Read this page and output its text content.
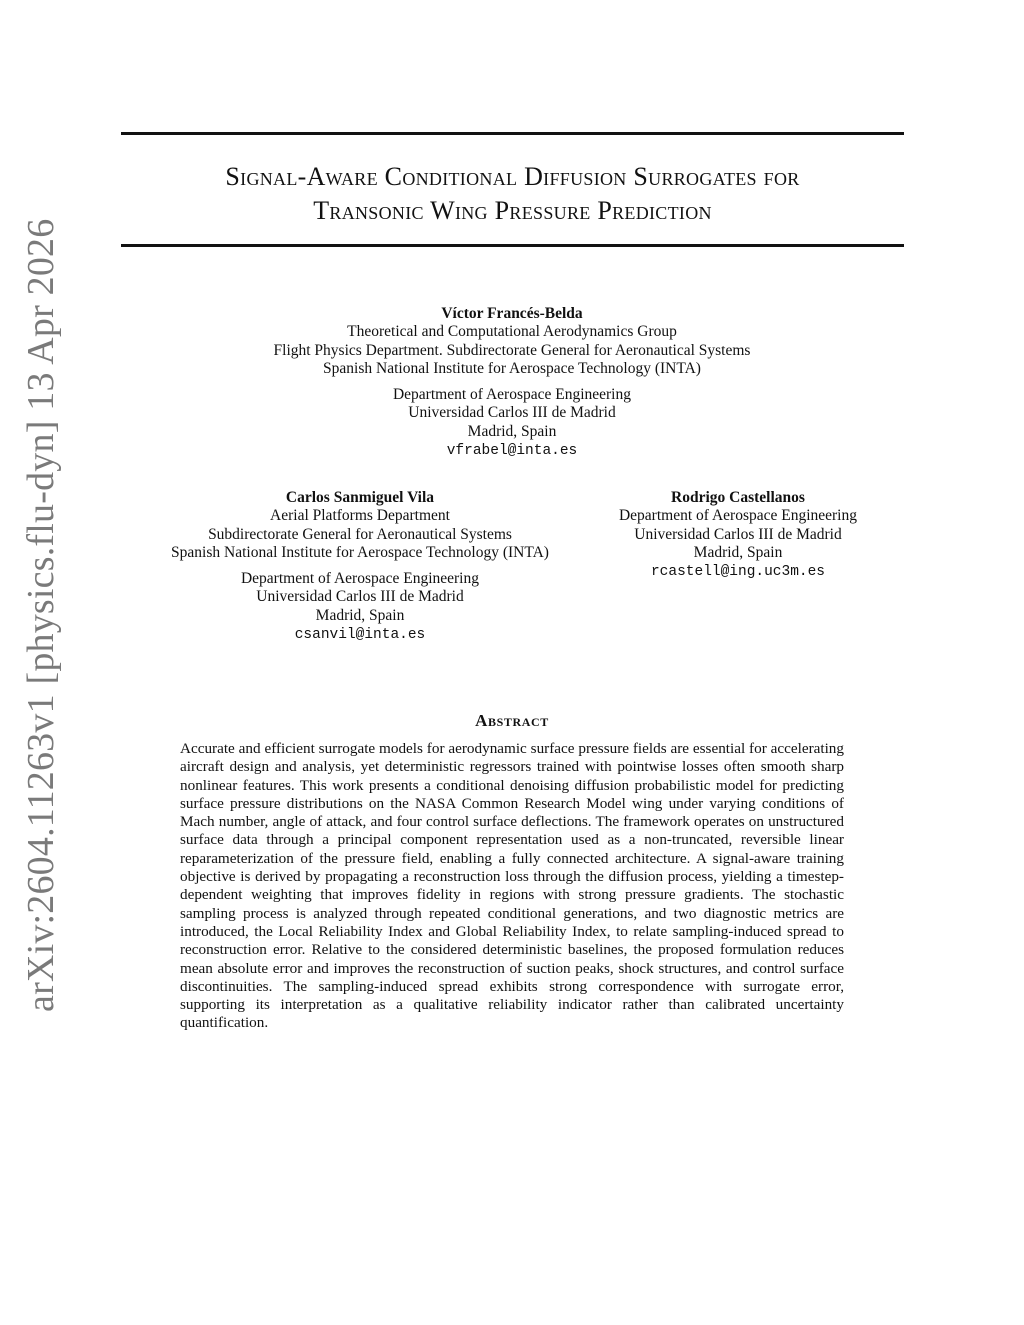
arXiv:2604.11263v1 [physics.flu-dyn] 13 Apr 2026
Signal-Aware Conditional Diffusion Surrogates for
Transonic Wing Pressure Prediction
Víctor Francés-Belda
Theoretical and Computational Aerodynamics Group
Flight Physics Department. Subdirectorate General for Aeronautical Systems
Spanish National Institute for Aerospace Technology (INTA)
Department of Aerospace Engineering
Universidad Carlos III de Madrid
Madrid, Spain
vfrabel@inta.es
Carlos Sanmiguel Vila
Aerial Platforms Department
Subdirectorate General for Aeronautical Systems
Spanish National Institute for Aerospace Technology (INTA)
Department of Aerospace Engineering
Universidad Carlos III de Madrid
Madrid, Spain
csanvil@inta.es
Rodrigo Castellanos
Department of Aerospace Engineering
Universidad Carlos III de Madrid
Madrid, Spain
rcastell@ing.uc3m.es
Abstract

Accurate and efficient surrogate models for aerodynamic surface pressure fields are essential for accelerating aircraft design and analysis, yet deterministic regressors trained with pointwise losses often smooth sharp nonlinear features. This work presents a conditional denoising diffusion probabilistic model for predicting surface pressure distributions on the NASA Common Research Model wing under varying conditions of Mach number, angle of attack, and four control surface deflections. The framework operates on unstructured surface data through a principal component representation used as a non-truncated, reversible linear reparameterization of the pressure field, enabling a fully connected architecture. A signal-aware training objective is derived by propagating a reconstruction loss through the diffusion process, yielding a timestep-dependent weighting that improves fidelity in regions with strong pressure gradients. The stochastic sampling process is analyzed through repeated conditional generations, and two diagnostic metrics are introduced, the Local Reliability Index and Global Reliability Index, to relate sampling-induced spread to reconstruction error. Relative to the considered deterministic baselines, the proposed formulation reduces mean absolute error and improves the reconstruction of suction peaks, shock structures, and control surface discontinuities. The sampling-induced spread exhibits strong correspondence with surrogate error, supporting its interpretation as a qualitative reliability indicator rather than calibrated uncertainty quantification.
